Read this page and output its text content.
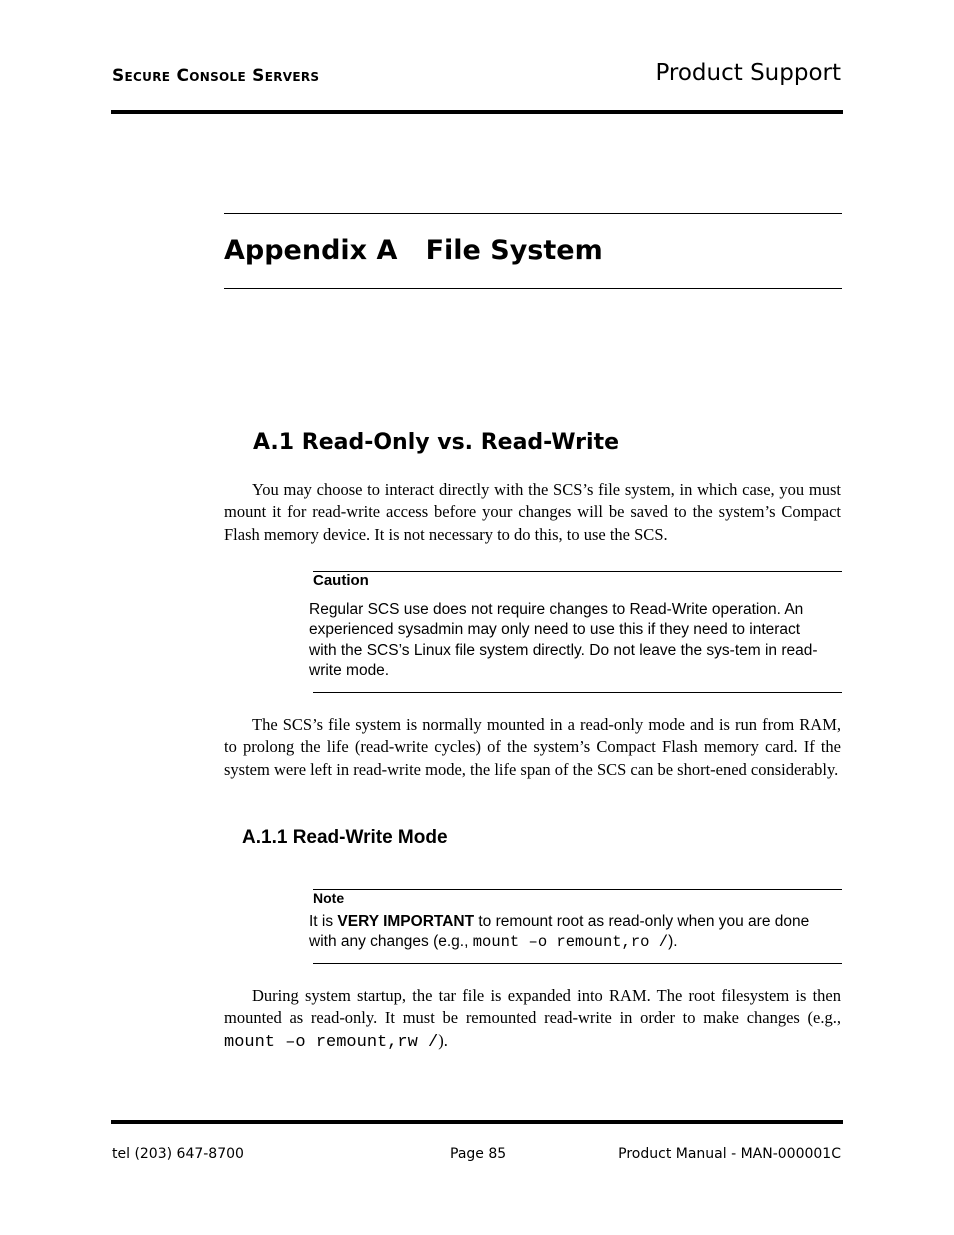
Secure Console Servers	Product Support
Appendix A File System
A.1 Read-Only vs. Read-Write
You may choose to interact directly with the SCS’s file system, in which case, you must mount it for read-write access before your changes will be saved to the system’s Compact Flash memory device. It is not necessary to do this, to use the SCS.
Caution
Regular SCS use does not require changes to Read-Write operation. An experienced sysadmin may only need to use this if they need to interact with the SCS’s Linux file system directly. Do not leave the sys-tem in read-write mode.
The SCS’s file system is normally mounted in a read-only mode and is run from RAM, to prolong the life (read-write cycles) of the system’s Compact Flash memory card. If the system were left in read-write mode, the life span of the SCS can be short-ened considerably.
A.1.1 Read-Write Mode
Note
It is VERY IMPORTANT to remount root as read-only when you are done with any changes (e.g., mount –o remount,ro /).
During system startup, the tar file is expanded into RAM. The root filesystem is then mounted as read-only. It must be remounted read-write in order to make changes (e.g., mount –o remount,rw /).
tel (203) 647-8700	Page 85	Product Manual - MAN-000001C
